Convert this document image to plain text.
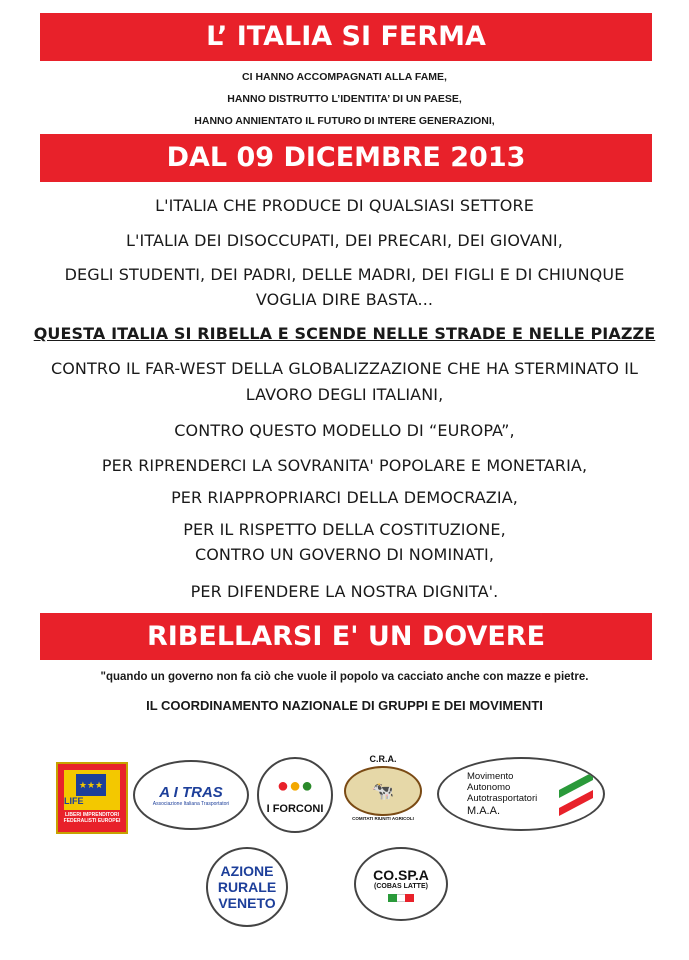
L’ ITALIA SI FERMA
CI HANNO ACCOMPAGNATI ALLA FAME,
HANNO DISTRUTTO L’IDENTITA’ DI UN PAESE,
HANNO ANNIENTATO IL FUTURO DI INTERE GENERAZIONI,
DAL 09 DICEMBRE 2013
L'ITALIA CHE PRODUCE DI QUALSIASI SETTORE
L'ITALIA DEI DISOCCUPATI, DEI PRECARI, DEI GIOVANI,
DEGLI STUDENTI, DEI PADRI, DELLE MADRI, DEI FIGLI E DI CHIUNQUE
VOGLIA DIRE BASTA...
QUESTA ITALIA SI RIBELLA E SCENDE NELLE STRADE E NELLE PIAZZE
CONTRO IL FAR-WEST DELLA GLOBALIZZAZIONE CHE HA STERMINATO IL
LAVORO DEGLI ITALIANI,
CONTRO QUESTO MODELLO DI “EUROPA”,
PER RIPRENDERCI LA SOVRANITA' POPOLARE E MONETARIA,
PER RIAPPROPRIARCI DELLA DEMOCRAZIA,
PER IL RISPETTO DELLA COSTITUZIONE,
CONTRO UN GOVERNO DI NOMINATI,
PER DIFENDERE LA NOSTRA DIGNITA'.
RIBELLARSI E' UN DOVERE
"quando un governo non fa ciò che vuole il popolo va cacciato anche con mazze e pietre.
IL COORDINAMENTO NAZIONALE DI GRUPPI E DEI MOVIMENTI
★★★
LIBERI IMPRENDITORI FEDERALISTI EUROPEI
LIFE
A I TRAS
Associazione Italiana Trasportatori
●●●
I FORCONI
C.R.A.
🐄
COMITATI RIUNITI AGRICOLI
Movimento
Autonomo
Autotrasportatori
M.A.A.
AZIONE
RURALE
VENETO
CO.SP.A
(COBAS LATTE)
